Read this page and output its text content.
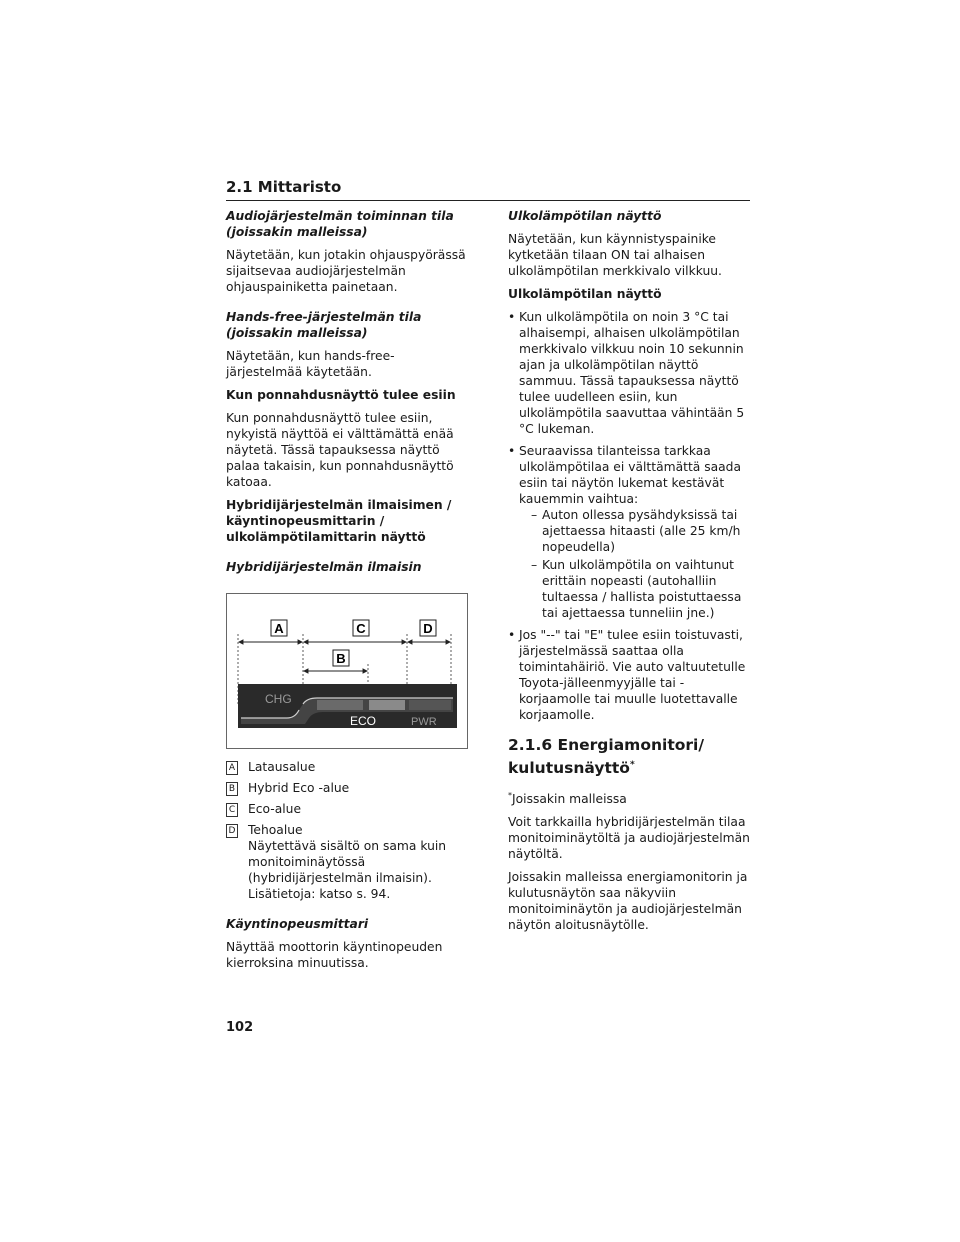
2.1 Mittaristo

Audiojärjestelmän toiminnan tila
(joissakin malleissa)

Näytetään, kun jotakin ohjauspyörässä sijaitsevaa audiojärjestelmän ohjauspainiketta painetaan.

Hands-free-järjestelmän tila
(joissakin malleissa)

Näytetään, kun hands-free-järjestelmää käytetään.

Kun ponnahdusnäyttö tulee esiin

Kun ponnahdusnäyttö tulee esiin, nykyistä näyttöä ei välttämättä enää näytetä. Tässä tapauksessa näyttö palaa takaisin, kun ponnahdusnäyttö katoaa.

Hybridijärjestelmän ilmaisimen / käyntinopeusmittarin / ulkolämpötilamittarin näyttö

Hybridijärjestelmän ilmaisin

A	C	D
B
CHG
ECO	PWR
A Latausalue
B Hybrid Eco -alue
C Eco-alue
D Tehoalue
Näytettävä sisältö on sama kuin monitoiminäytössä (hybridijärjestelmän ilmaisin). Lisätietoja: katso s. 94.

Käyntinopeusmittari

Näyttää moottorin käyntinopeuden kierroksina minuutissa.

Ulkolämpötilan näyttö

Näytetään, kun käynnistyspainike kytketään tilaan ON tai alhaisen ulkolämpötilan merkkivalo vilkkuu.

Ulkolämpötilan näyttö

• Kun ulkolämpötila on noin 3 °C tai alhaisempi, alhaisen ulkolämpötilan merkkivalo vilkkuu noin 10 sekunnin ajan ja ulkolämpötilan näyttö sammuu. Tässä tapauksessa näyttö tulee uudelleen esiin, kun ulkolämpötila saavuttaa vähintään 5 °C lukeman.
• Seuraavissa tilanteissa tarkkaa ulkolämpötilaa ei välttämättä saada esiin tai näytön lukemat kestävät kauemmin vaihtua:
– Auton ollessa pysähdyksissä tai ajettaessa hitaasti (alle 25 km/h nopeudella)
– Kun ulkolämpötila on vaihtunut erittäin nopeasti (autohalliin tultaessa / hallista poistuttaessa tai ajettaessa tunneliin jne.)
• Jos "--" tai "E" tulee esiin toistuvasti, järjestelmässä saattaa olla toimintahäiriö. Vie auto valtuutetulle Toyota-jälleenmyyjälle tai -korjaamolle tai muulle luotettavalle korjaamolle.
2.1.6 Energiamonitori/
kulutusnäyttö*

*Joissakin malleissa

Voit tarkkailla hybridijärjestelmän tilaa monitoiminäytöltä ja audiojärjestelmän näytöltä.

Joissakin malleissa energiamonitorin ja kulutusnäytön saa näkyviin monitoiminäytön ja audiojärjestelmän näytön aloitusnäytölle.

102
